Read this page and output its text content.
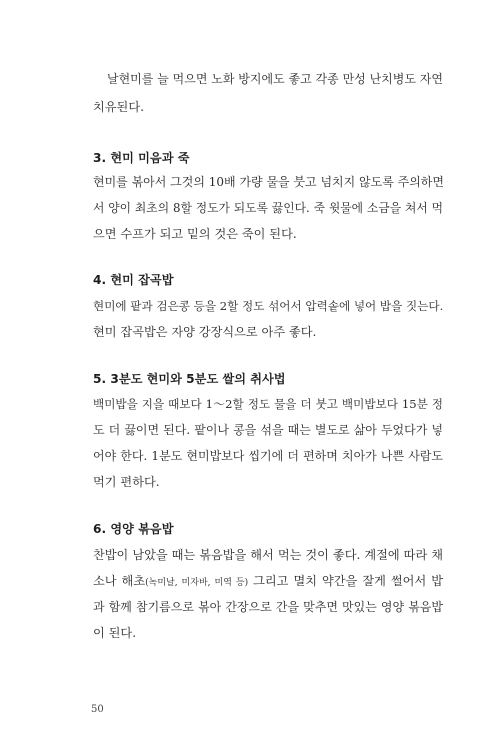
날현미를 늘 먹으면 노화 방지에도 좋고 각종 만성 난치병도 자연
치유된다.
3. 현미 미음과 죽
현미를 볶아서 그것의 10배 가량 물을 붓고 넘치지 않도록 주의하면
서 양이 최초의 8할 정도가 되도록 끓인다. 죽 윗물에 소금을 쳐서 먹
으면 수프가 되고 밑의 것은 죽이 된다.
4. 현미 잡곡밥
현미에 팥과 검은콩 등을 2할 정도 섞어서 압력솥에 넣어 밥을 짓는다.
현미 잡곡밥은 자양 강장식으로 아주 좋다.
5. 3분도 현미와 5분도 쌀의 취사법
백미밥을 지을 때보다 1～2할 정도 물을 더 붓고 백미밥보다 15분 정
도 더 끓이면 된다. 팥이나 콩을 섞을 때는 별도로 삶아 두었다가 넣
어야 한다. 1분도 현미밥보다 씹기에 더 편하며 치아가 나쁜 사람도
먹기 편하다.
6. 영양 볶음밥
찬밥이 남았을 때는 볶음밥을 해서 먹는 것이 좋다. 계절에 따라 채
소나 해초(녹미날, 미자바, 미역 등) 그리고 멸치 약간을 잘게 썰어서 밥
과 함께 참기름으로 볶아 간장으로 간을 맞추면 맛있는 영양 볶음밥
이 된다.
50
